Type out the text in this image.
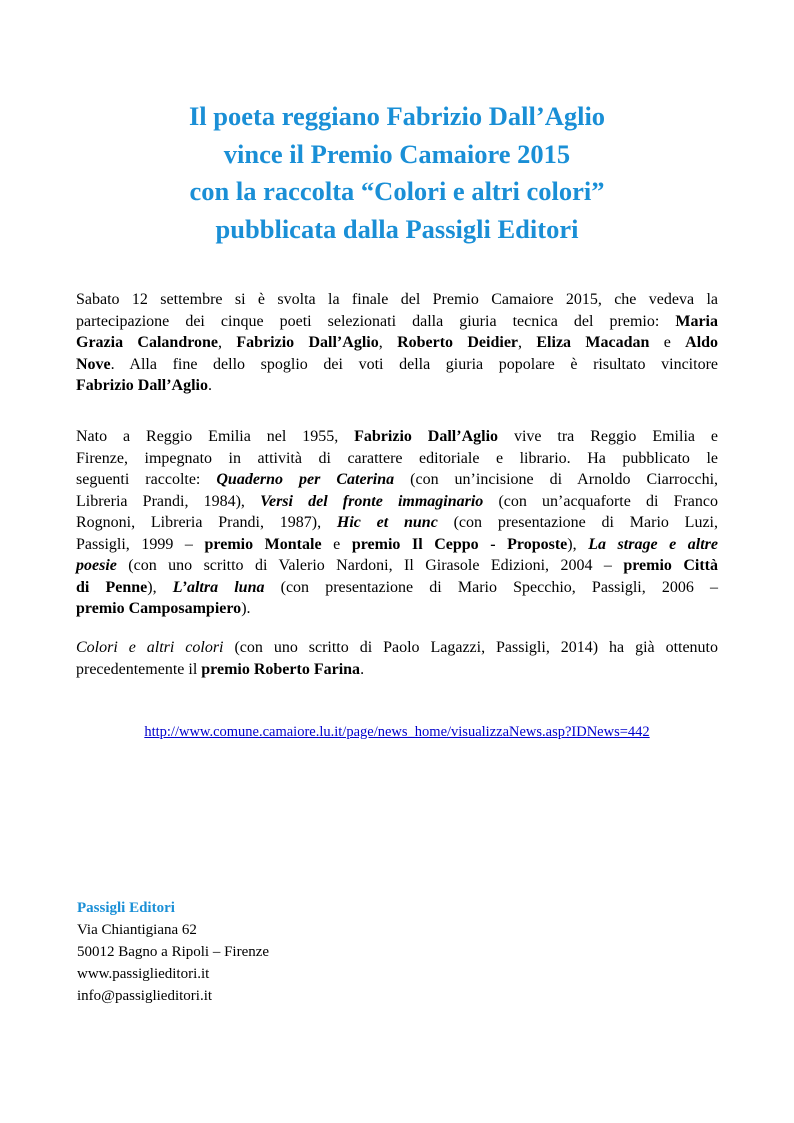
Il poeta reggiano Fabrizio Dall’Aglio
vince il Premio Camaiore 2015
con la raccolta “Colori e altri colori”
pubblicata dalla Passigli Editori
Sabato 12 settembre si è svolta la finale del Premio Camaiore 2015, che vedeva la
partecipazione dei cinque poeti selezionati dalla giuria tecnica del premio: Maria
Grazia Calandrone, Fabrizio Dall’Aglio, Roberto Deidier, Eliza Macadan e Aldo
Nove. Alla fine dello spoglio dei voti della giuria popolare è risultato vincitore
Fabrizio Dall’Aglio.
Nato a Reggio Emilia nel 1955, Fabrizio Dall’Aglio vive tra Reggio Emilia e
Firenze, impegnato in attività di carattere editoriale e librario. Ha pubblicato le
seguenti raccolte: Quaderno per Caterina (con un’incisione di Arnoldo Ciarrocchi,
Libreria Prandi, 1984), Versi del fronte immaginario (con un’acquaforte di Franco
Rognoni, Libreria Prandi, 1987), Hic et nunc (con presentazione di Mario Luzi,
Passigli, 1999 – premio Montale e premio Il Ceppo - Proposte), La strage e altre
poesie (con uno scritto di Valerio Nardoni, Il Girasole Edizioni, 2004 – premio Città
di Penne), L’altra luna (con presentazione di Mario Specchio, Passigli, 2006 –
premio Camposampiero).
Colori e altri colori (con uno scritto di Paolo Lagazzi, Passigli, 2014) ha già ottenuto
precedentemente il premio Roberto Farina.
http://www.comune.camaiore.lu.it/page/news_home/visualizzaNews.asp?IDNews=442
Passigli Editori
Via Chiantigiana 62
50012 Bagno a Ripoli – Firenze
www.passiglieditori.it
info@passiglieditori.it
